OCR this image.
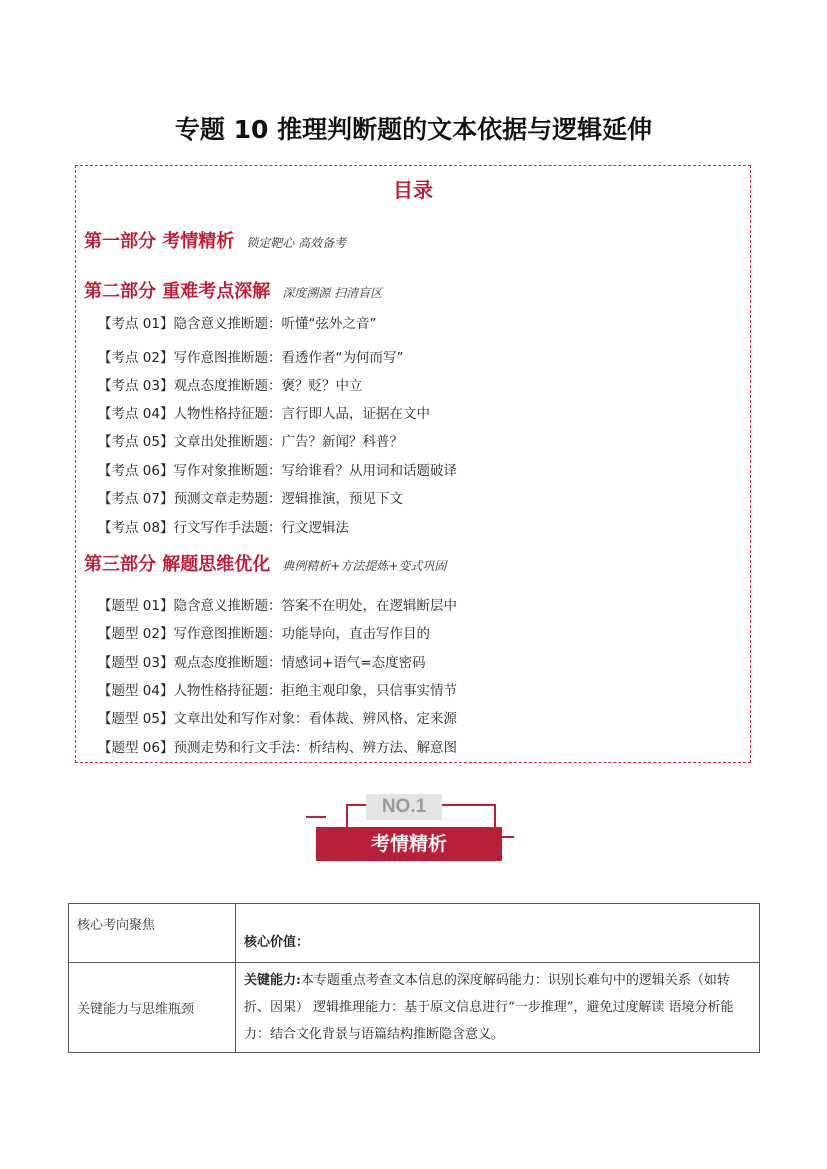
专题 10 推理判断题的文本依据与逻辑延伸
目录
第一部分 考情精析 锁定靶心 高效备考
第二部分 重难考点深解 深度溯源 扫清盲区
【考点 01】隐含意义推断题：听懂“弦外之音”
【考点 02】写作意图推断题：看透作者“为何而写”
【考点 03】观点态度推断题：褒？贬？中立
【考点 04】人物性格持征题：言行即人品，证据在文中
【考点 05】文章出处推断题：广告？新闻？科普？
【考点 06】写作对象推断题：写给谁看？从用词和话题破译
【考点 07】预测文章走势题：逻辑推演，预见下文
【考点 08】行文写作手法题：行文逻辑法
第三部分 解题思维优化 典例精析+方法提炼+变式巩固
【题型 01】隐含意义推断题：答案不在明处，在逻辑断层中
【题型 02】写作意图推断题：功能导向，直击写作目的
【题型 03】观点态度推断题：情感词+语气=态度密码
【题型 04】人物性格持征题：拒绝主观印象，只信事实情节
【题型 05】文章出处和写作对象：看体裁、辨风格、定来源
【题型 06】预测走势和行文手法：析结构、辨方法、解意图
NO.1
考情精析
核心考向聚焦	核心价值：
关键能力与思维瓶颈	关键能力:本专题重点考查文本信息的深度解码能力：识别长难句中的逻辑关系（如转折、因果） 逻辑推理能力：基于原文信息进行“一步推理”，避免过度解读 语境分析能力：结合文化背景与语篇结构推断隐含意义。
